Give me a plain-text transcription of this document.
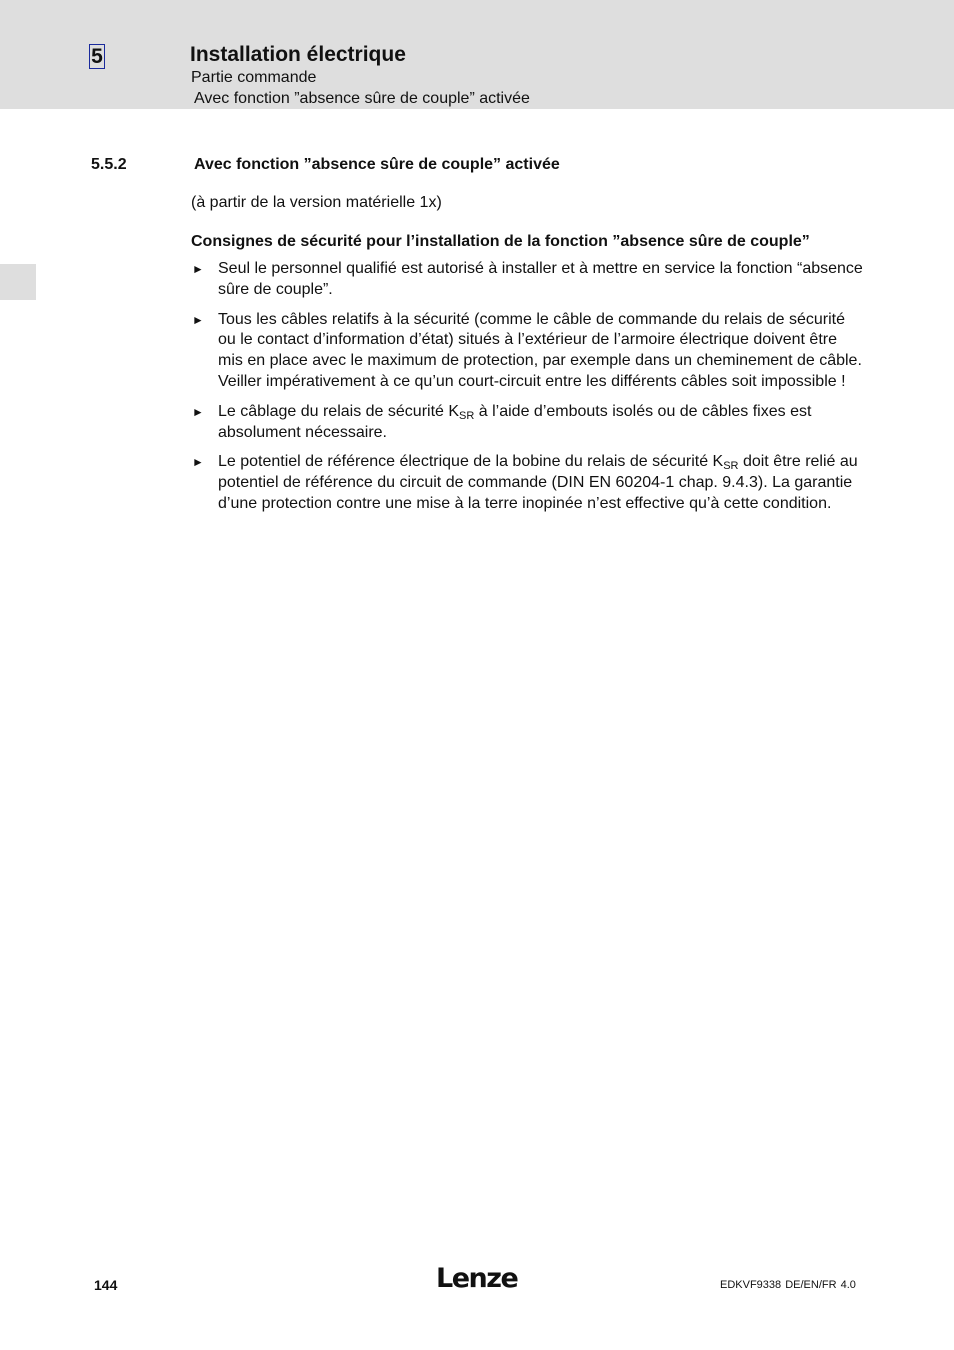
5	Installation électrique
Partie commande
Avec fonction ”absence sûre de couple” activée
5.5.2	Avec fonction ”absence sûre de couple” activée
(à partir de la version matérielle 1x)
Consignes de sécurité pour l’installation de la fonction ”absence sûre de couple”
► Seul le personnel qualifié est autorisé à installer et à mettre en service la fonction “absence sûre de couple”.
► Tous les câbles relatifs à la sécurité (comme le câble de commande du relais de sécurité ou le contact d’information d’état) situés à l’extérieur de l’armoire électrique doivent être mis en place avec le maximum de protection, par exemple dans un cheminement de câble. Veiller impérativement à ce qu’un court-circuit entre les différents câbles soit impossible !
► Le câblage du relais de sécurité $K_{SR}$ à l’aide d’embouts isolés ou de câbles fixes est absolument nécessaire.
► Le potentiel de référence électrique de la bobine du relais de sécurité $K_{SR}$ doit être relié au potentiel de référence du circuit de commande (DIN EN 60204-1 chap. 9.4.3). La garantie d’une protection contre une mise à la terre inopinée n’est effective qu’à cette condition.
144	Lenze	EDKVF9338 DE/EN/FR 4.0
